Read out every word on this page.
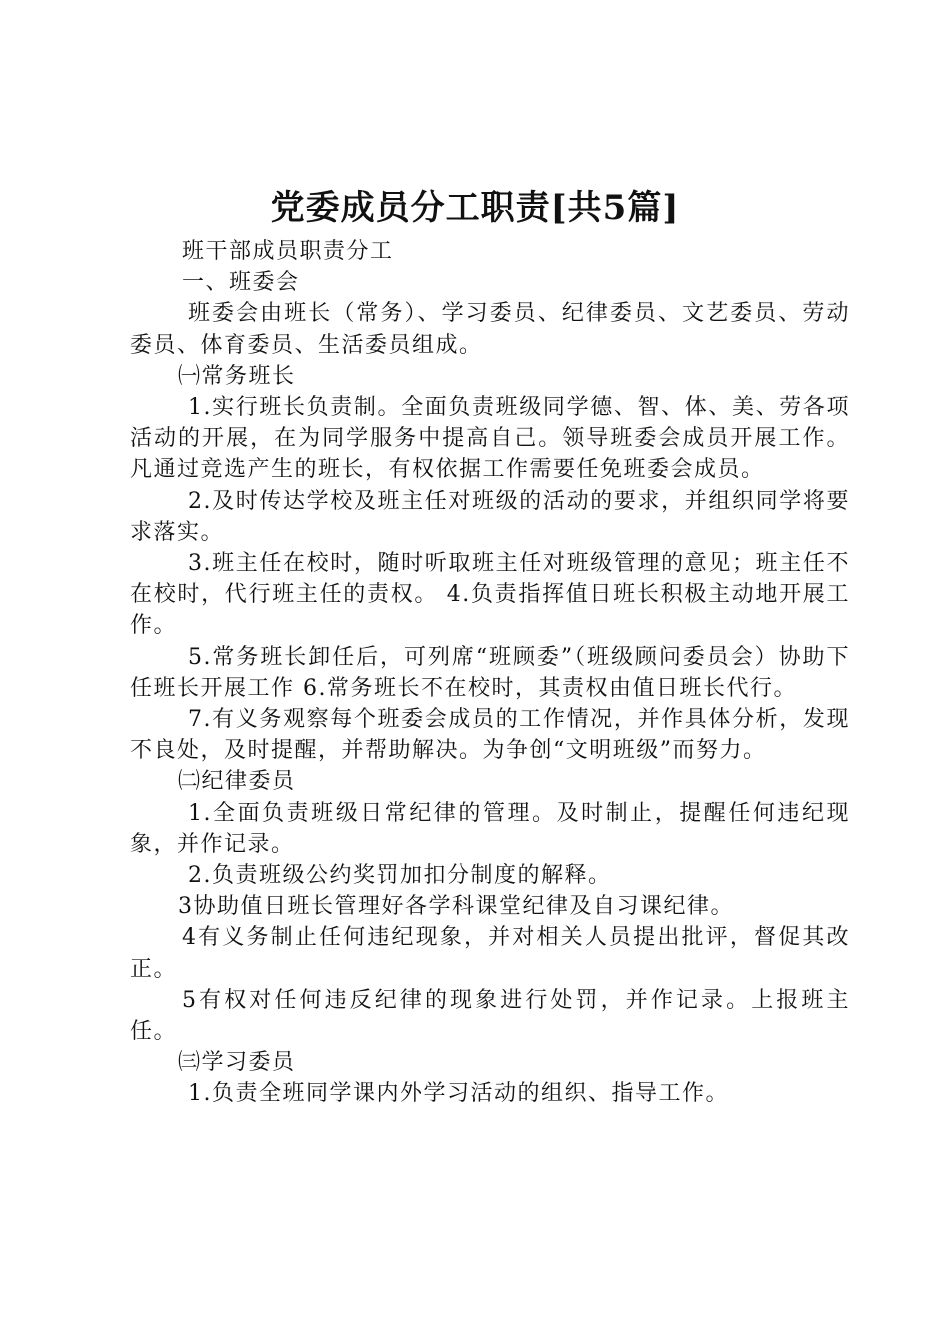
党委成员分工职责[共5篇]

班干部成员职责分工

一、班委会

班委会由班长（常务）、学习委员、纪律委员、文艺委员、劳动委员、体育委员、生活委员组成。

㈠常务班长

1.实行班长负责制。全面负责班级同学德、智、体、美、劳各项活动的开展，在为同学服务中提高自己。领导班委会成员开展工作。凡通过竞选产生的班长，有权依据工作需要任免班委会成员。

2.及时传达学校及班主任对班级的活动的要求，并组织同学将要求落实。

3.班主任在校时，随时听取班主任对班级管理的意见；班主任不在校时，代行班主任的责权。 4.负责指挥值日班长积极主动地开展工作。

5.常务班长卸任后，可列席“班顾委”（班级顾问委员会）协助下任班长开展工作 6.常务班长不在校时，其责权由值日班长代行。

7.有义务观察每个班委会成员的工作情况，并作具体分析，发现不良处，及时提醒，并帮助解决。为争创“文明班级”而努力。

㈡纪律委员

1.全面负责班级日常纪律的管理。及时制止，提醒任何违纪现象，并作记录。

2.负责班级公约奖罚加扣分制度的解释。

3协助值日班长管理好各学科课堂纪律及自习课纪律。

4有义务制止任何违纪现象，并对相关人员提出批评，督促其改正。

5有权对任何违反纪律的现象进行处罚，并作记录。上报班主任。

㈢学习委员

1.负责全班同学课内外学习活动的组织、指导工作。
